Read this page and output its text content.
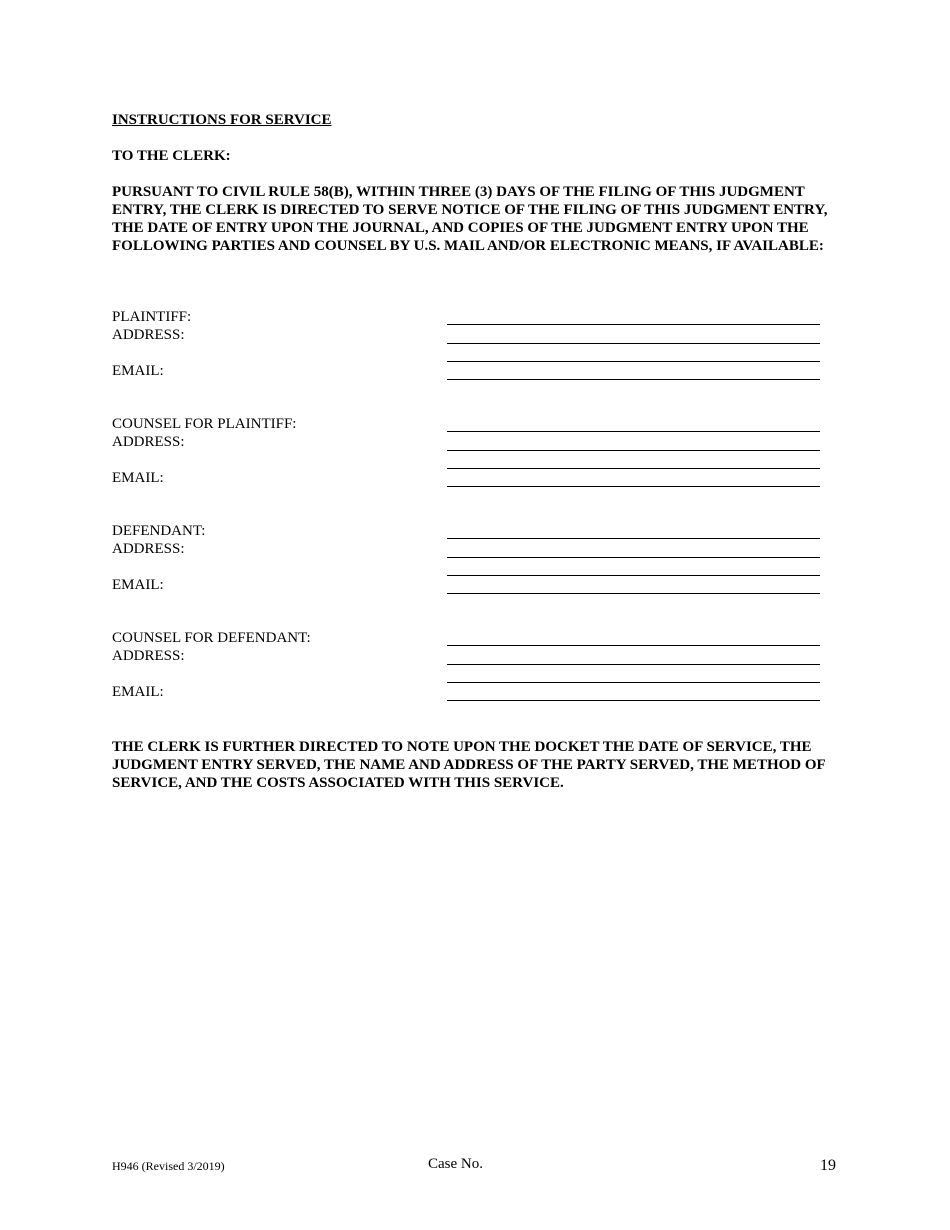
INSTRUCTIONS FOR SERVICE

TO THE CLERK:

PURSUANT TO CIVIL RULE 58(B), WITHIN THREE (3) DAYS OF THE FILING OF THIS JUDGMENT ENTRY, THE CLERK IS DIRECTED TO SERVE NOTICE OF THE FILING OF THIS JUDGMENT ENTRY, THE DATE OF ENTRY UPON THE JOURNAL, AND COPIES OF THE JUDGMENT ENTRY UPON THE FOLLOWING PARTIES AND COUNSEL BY U.S. MAIL AND/OR ELECTRONIC MEANS, IF AVAILABLE:

PLAINTIFF:

ADDRESS:

EMAIL:

COUNSEL FOR PLAINTIFF:

ADDRESS:

EMAIL:

DEFENDANT:

ADDRESS:

EMAIL:

COUNSEL FOR DEFENDANT:

ADDRESS:

EMAIL:

THE CLERK IS FURTHER DIRECTED TO NOTE UPON THE DOCKET THE DATE OF SERVICE, THE JUDGMENT ENTRY SERVED, THE NAME AND ADDRESS OF THE PARTY SERVED, THE METHOD OF SERVICE, AND THE COSTS ASSOCIATED WITH THIS SERVICE.

H946 (Revised 3/2019)	Case No.	19
